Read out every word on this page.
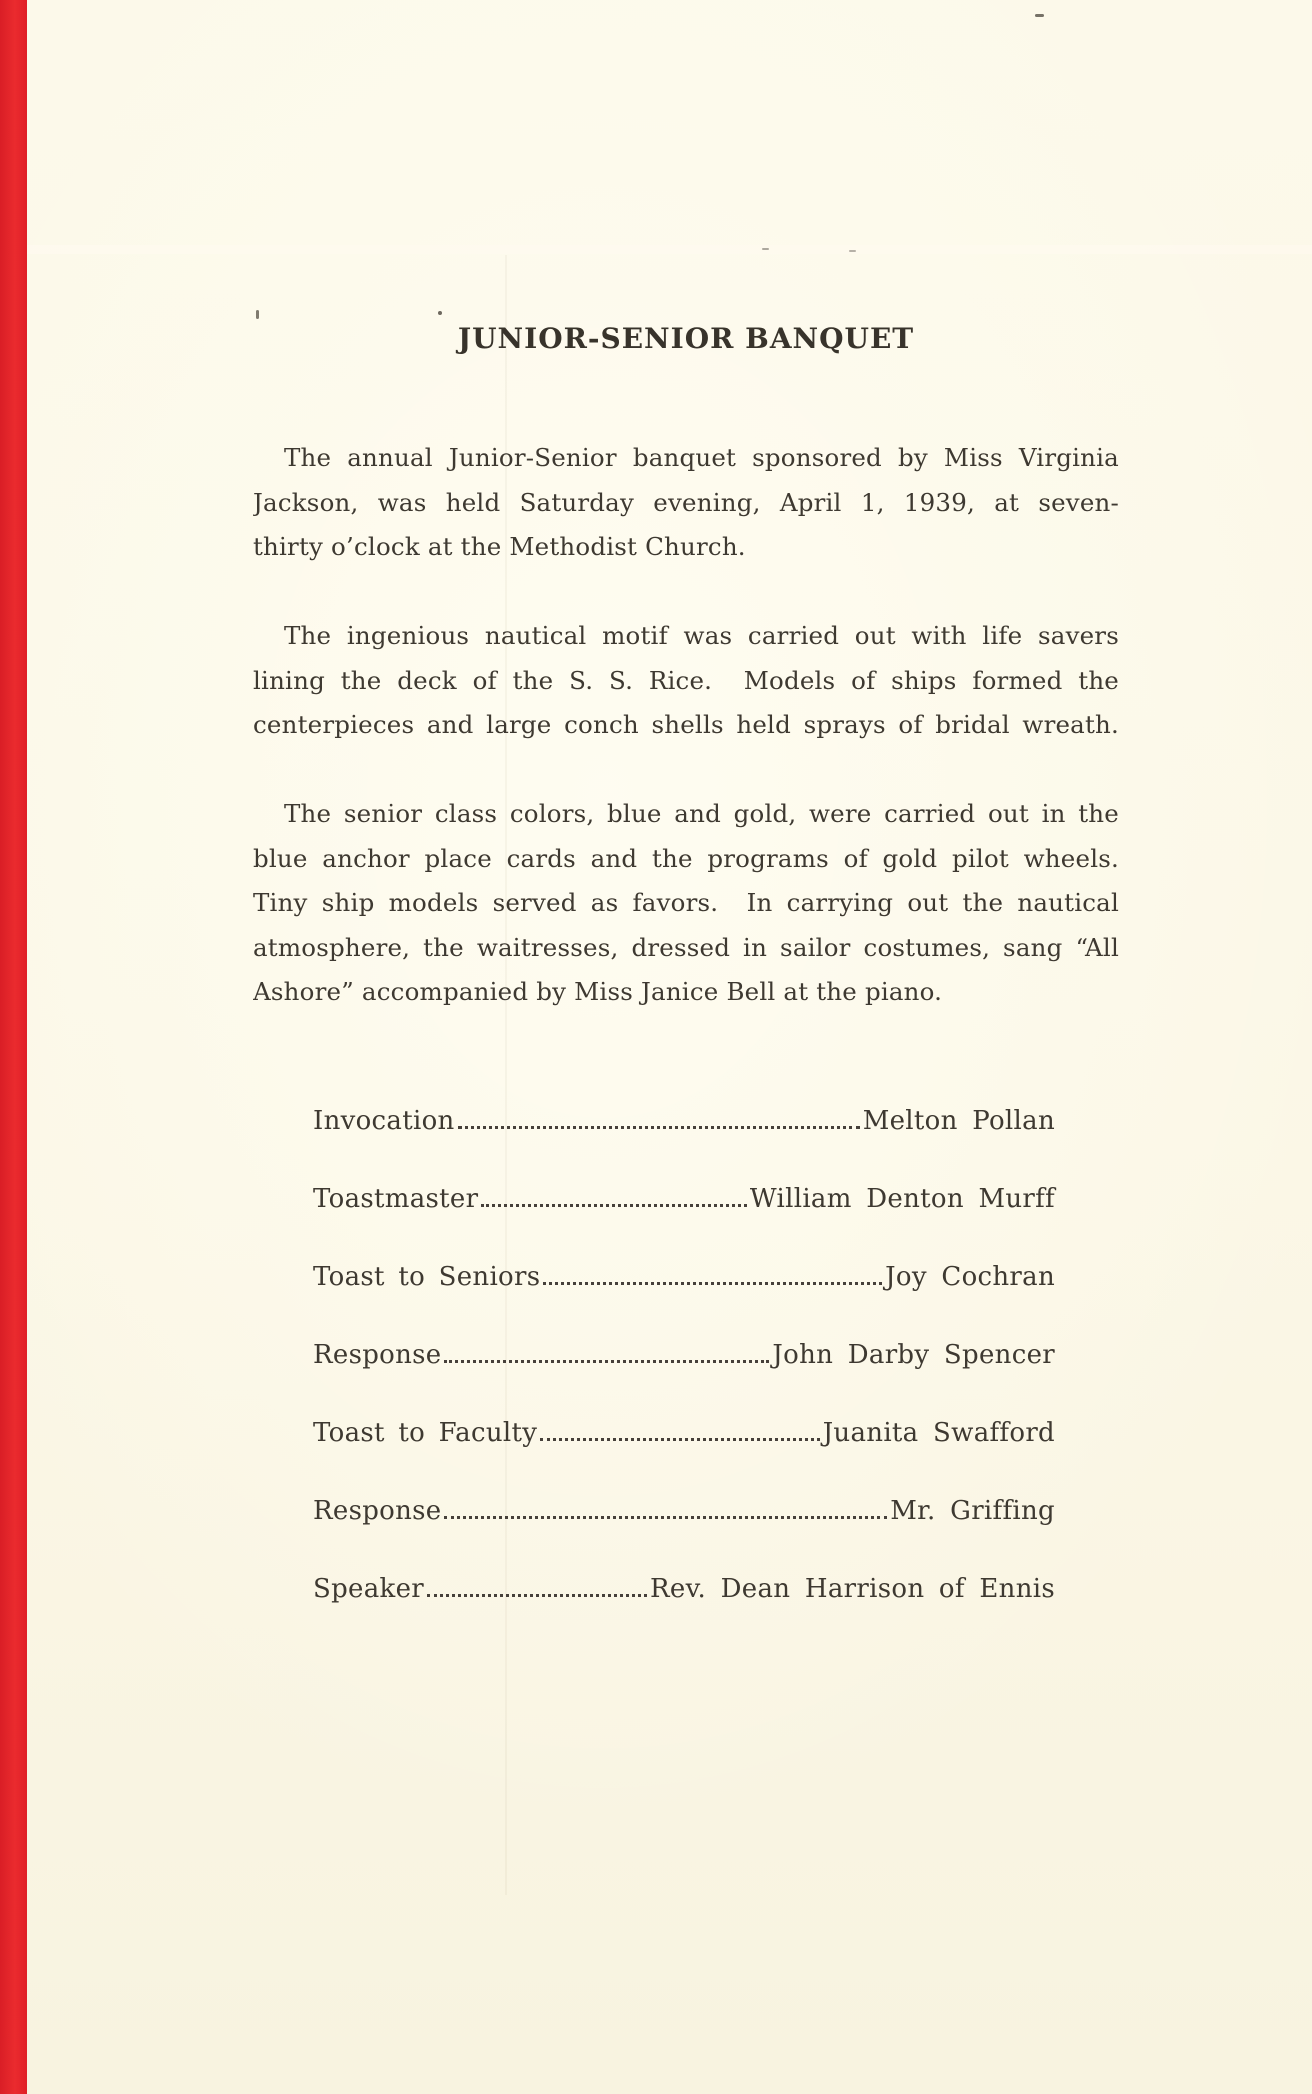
JUNIOR-SENIOR BANQUET
The annual Junior-Senior banquet sponsored by Miss Virginia
Jackson, was held Saturday evening, April 1, 1939, at seven-
thirty o’clock at the Methodist Church.
The ingenious nautical motif was carried out with life savers
lining the deck of the S. S. Rice.  Models of ships formed the
centerpieces and large conch shells held sprays of bridal wreath.
The senior class colors, blue and gold, were carried out in the
blue anchor place cards and the programs of gold pilot wheels.
Tiny ship models served as favors.  In carrying out the nautical
atmosphere, the waitresses, dressed in sailor costumes, sang “All
Ashore” accompanied by Miss Janice Bell at the piano.
Invocation	Melton Pollan
Toastmaster	William Denton Murff
Toast to Seniors	Joy Cochran
Response	John Darby Spencer
Toast to Faculty	Juanita Swafford
Response	Mr. Griffing
Speaker	Rev. Dean Harrison of Ennis
